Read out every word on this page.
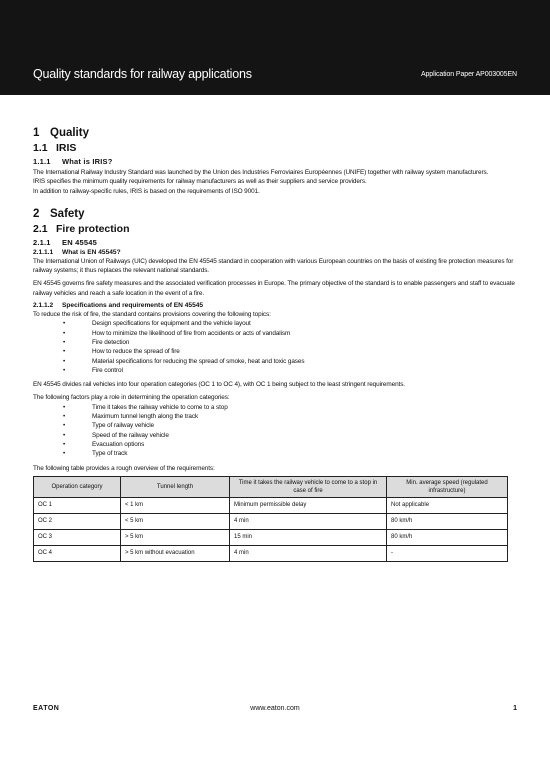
Quality standards for railway applications	Application Paper AP003005EN
1 Quality
1.1 IRIS
1.1.1	What is IRIS?

The International Railway Industry Standard was launched by the Union des Industries Ferroviaires Européennes (UNIFE) together with railway system manufacturers.

IRIS specifies the minimum quality requirements for railway manufacturers as well as their suppliers and service providers.

In addition to railway-specific rules, IRIS is based on the requirements of ISO 9001.

2 Safety
2.1 Fire protection
2.1.1	EN 45545
2.1.1.1	What is EN 45545?

The International Union of Railways (UIC) developed the EN 45545 standard in cooperation with various European countries on the basis of existing fire protection measures for railway systems; it thus replaces the relevant national standards.

EN 45545 governs fire safety measures and the associated verification processes in Europe. The primary objective of the standard is to enable passengers and staff to evacuate railway vehicles and reach a safe location in the event of a fire.

2.1.1.2	Specifications and requirements of EN 45545

To reduce the risk of fire, the standard contains provisions covering the following topics:

•	Design specifications for equipment and the vehicle layout
•	How to minimize the likelihood of fire from accidents or acts of vandalism
•	Fire detection
•	How to reduce the spread of fire
•	Material specifications for reducing the spread of smoke, heat and toxic gases
•	Fire control

EN 45545 divides rail vehicles into four operation categories (OC 1 to OC 4), with OC 1 being subject to the least stringent requirements.

The following factors play a role in determining the operation categories:

•	Time it takes the railway vehicle to come to a stop
•	Maximum tunnel length along the track
•	Type of railway vehicle
•	Speed of the railway vehicle
•	Evacuation options
•	Type of track

The following table provides a rough overview of the requirements:

Operation category	Tunnel length	Time it takes the railway vehicle to come to a stop in case of fire	Min. average speed (regulated infrastructure)
OC 1	< 1 km	Minimum permissible delay	Not applicable
OC 2	< 5 km	4 min	80 km/h
OC 3	> 5 km	15 min	80 km/h
OC 4	> 5 km without evacuation	4 min	-
EATON	www.eaton.com	1
